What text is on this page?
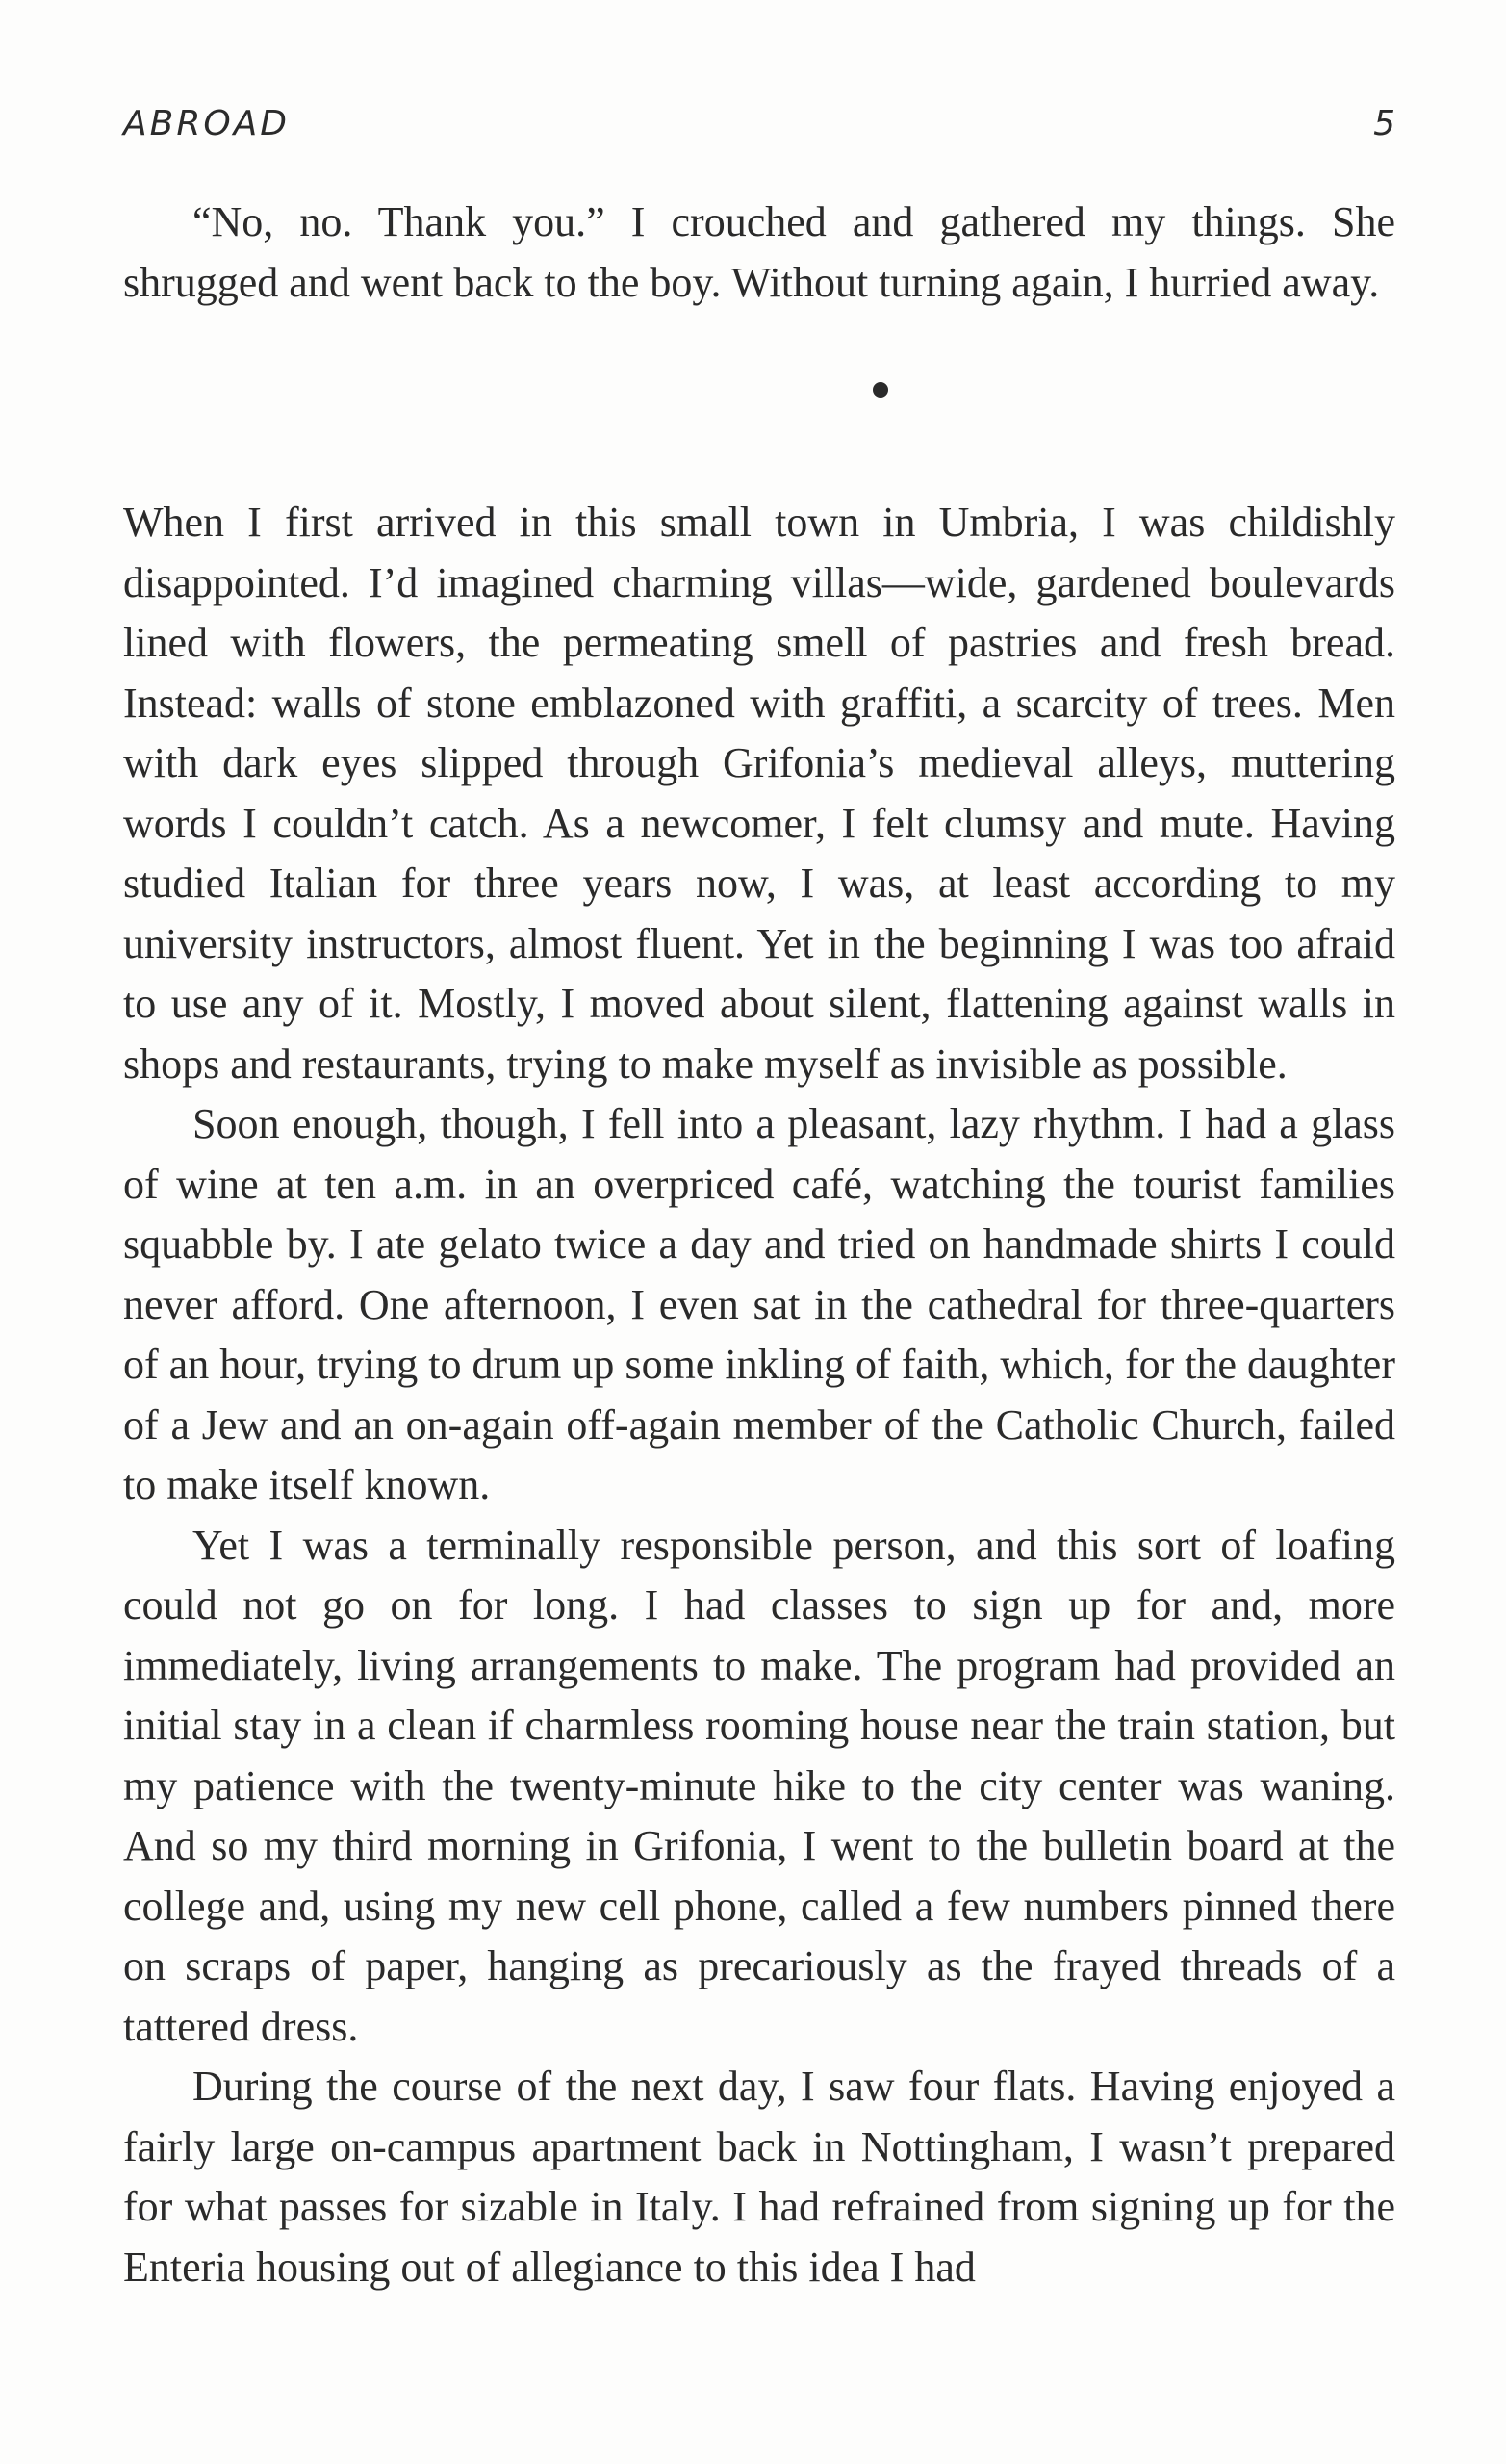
ABROAD	5

“No, no. Thank you.” I crouched and gathered my things. She shrugged and went back to the boy. Without turning again, I hurried away.

When I first arrived in this small town in Umbria, I was childishly disappointed. I’d imagined charming villas—wide, gardened boulevards lined with flowers, the permeating smell of pastries and fresh bread. Instead: walls of stone emblazoned with graffiti, a scarcity of trees. Men with dark eyes slipped through Grifonia’s medieval alleys, muttering words I couldn’t catch. As a newcomer, I felt clumsy and mute. Having studied Italian for three years now, I was, at least according to my university instructors, almost fluent. Yet in the beginning I was too afraid to use any of it. Mostly, I moved about silent, flattening against walls in shops and restaurants, trying to make myself as invisible as possible.

Soon enough, though, I fell into a pleasant, lazy rhythm. I had a glass of wine at ten a.m. in an overpriced café, watching the tourist families squabble by. I ate gelato twice a day and tried on handmade shirts I could never afford. One afternoon, I even sat in the cathedral for three-quarters of an hour, trying to drum up some inkling of faith, which, for the daughter of a Jew and an on-again off-again member of the Catholic Church, failed to make itself known.

Yet I was a terminally responsible person, and this sort of loafing could not go on for long. I had classes to sign up for and, more immediately, living arrangements to make. The program had provided an initial stay in a clean if charmless rooming house near the train station, but my patience with the twenty-minute hike to the city center was waning. And so my third morning in Grifonia, I went to the bulletin board at the college and, using my new cell phone, called a few numbers pinned there on scraps of paper, hanging as precariously as the frayed threads of a tattered dress.

During the course of the next day, I saw four flats. Having enjoyed a fairly large on-campus apartment back in Nottingham, I wasn’t prepared for what passes for sizable in Italy. I had refrained from signing up for the Enteria housing out of allegiance to this idea I had
